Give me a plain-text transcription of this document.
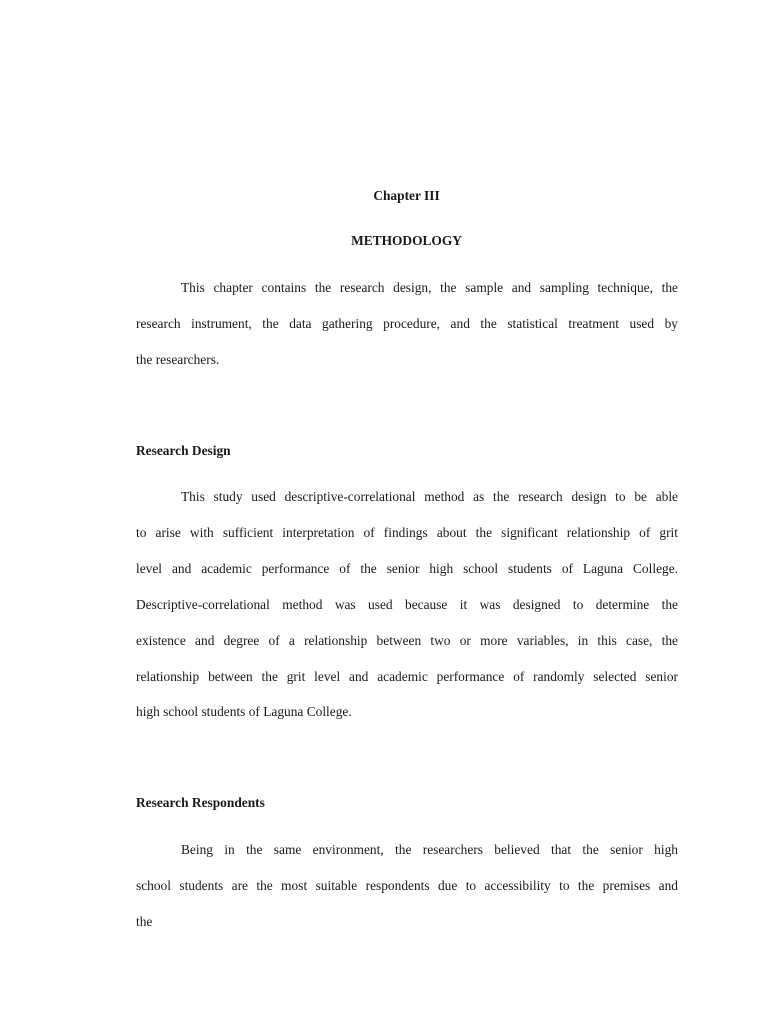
Chapter III
METHODOLOGY
This chapter contains the research design, the sample and sampling technique, the
research instrument, the data gathering procedure, and the statistical treatment used by
the researchers.
Research Design
This study used descriptive-correlational method as the research design to be able
to arise with sufficient interpretation of findings about the significant relationship of grit
level and academic performance of the senior high school students of Laguna College.
Descriptive-correlational method was used because it was designed to determine the
existence and degree of a relationship between two or more variables, in this case, the
relationship between the grit level and academic performance of randomly selected senior
high school students of Laguna College.
Research Respondents
Being in the same environment, the researchers believed that the senior high
school students are the most suitable respondents due to accessibility to the premises and
the
